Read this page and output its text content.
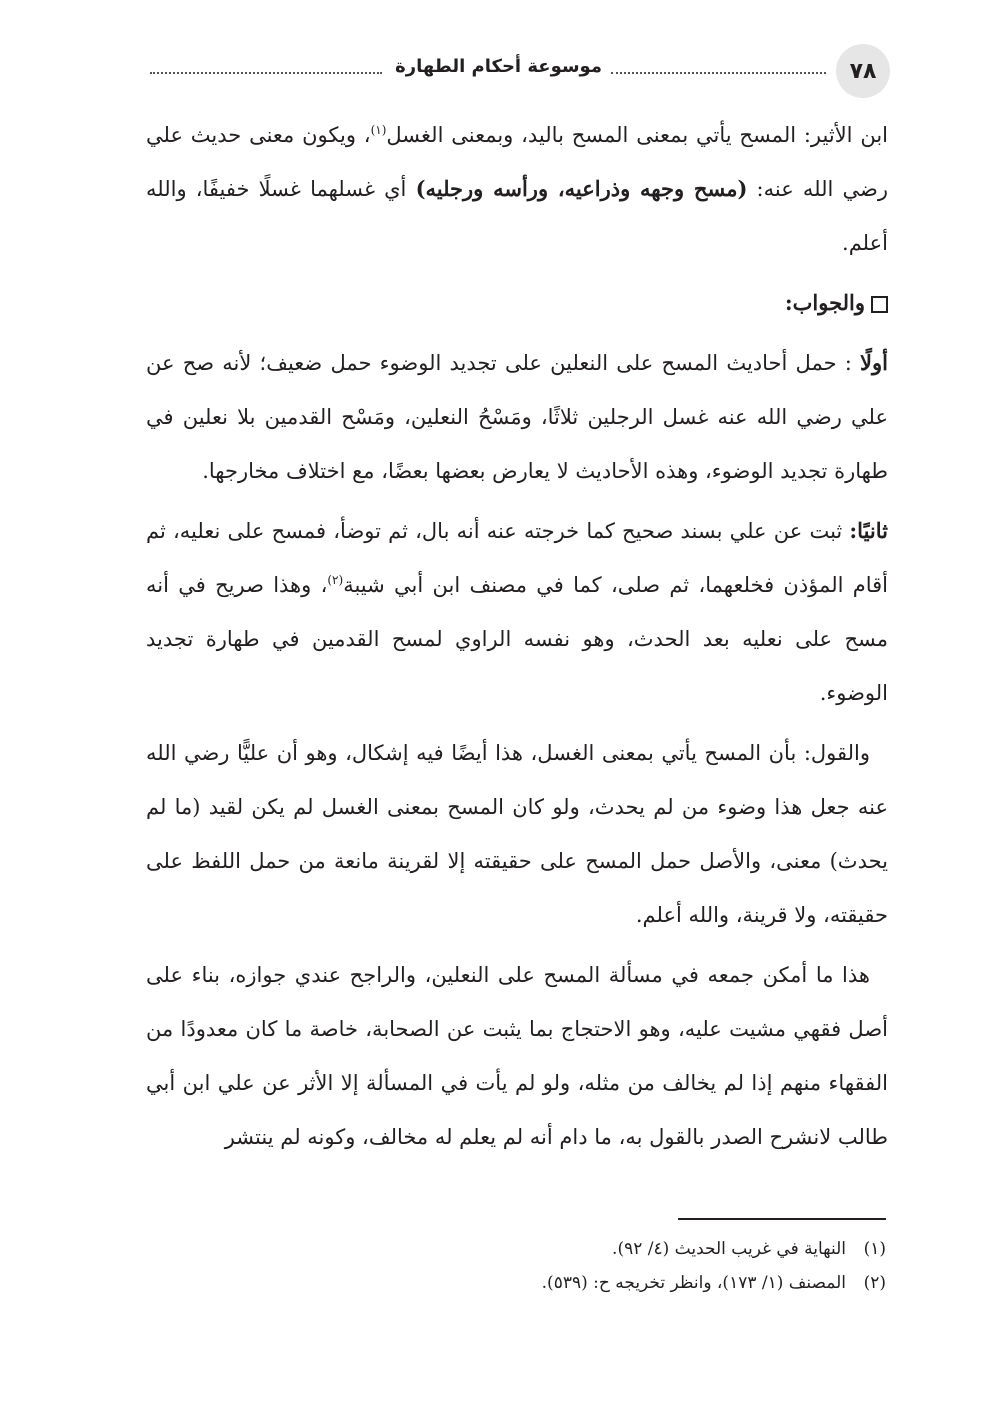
٧٨
موسوعة أحكام الطهارة

ابن الأثير: المسح يأتي بمعنى المسح باليد، وبمعنى الغسل$^{(١)}$، ويكون معنى حديث علي رضي الله عنه: (مسح وجهه وذراعيه، ورأسه ورجليه) أي غسلهما غسلًا خفيفًا، والله أعلم.

والجواب:

أولًا : حمل أحاديث المسح على النعلين على تجديد الوضوء حمل ضعيف؛ لأنه صح عن علي رضي الله عنه غسل الرجلين ثلاثًا، ومَسْحُ النعلين، ومَسْح القدمين بلا نعلين في طهارة تجديد الوضوء، وهذه الأحاديث لا يعارض بعضها بعضًا، مع اختلاف مخارجها.

ثانيًا: ثبت عن علي بسند صحيح كما خرجته عنه أنه بال، ثم توضأ، فمسح على نعليه، ثم أقام المؤذن فخلعهما، ثم صلى، كما في مصنف ابن أبي شيبة$^{(٢)}$، وهذا صريح في أنه مسح على نعليه بعد الحدث، وهو نفسه الراوي لمسح القدمين في طهارة تجديد الوضوء.

والقول: بأن المسح يأتي بمعنى الغسل، هذا أيضًا فيه إشكال، وهو أن عليًّا رضي الله عنه جعل هذا وضوء من لم يحدث، ولو كان المسح بمعنى الغسل لم يكن لقيد (ما لم يحدث) معنى، والأصل حمل المسح على حقيقته إلا لقرينة مانعة من حمل اللفظ على حقيقته، ولا قرينة، والله أعلم.

هذا ما أمكن جمعه في مسألة المسح على النعلين، والراجح عندي جوازه، بناء على أصل فقهي مشيت عليه، وهو الاحتجاج بما يثبت عن الصحابة، خاصة ما كان معدودًا من الفقهاء منهم إذا لم يخالف من مثله، ولو لم يأت في المسألة إلا الأثر عن علي ابن أبي طالب لانشرح الصدر بالقول به، ما دام أنه لم يعلم له مخالف، وكونه لم ينتشر

(١)النهاية في غريب الحديث (٤/ ٩٢).

(٢)المصنف (١/ ١٧٣)، وانظر تخريجه ح: (٥٣٩).
